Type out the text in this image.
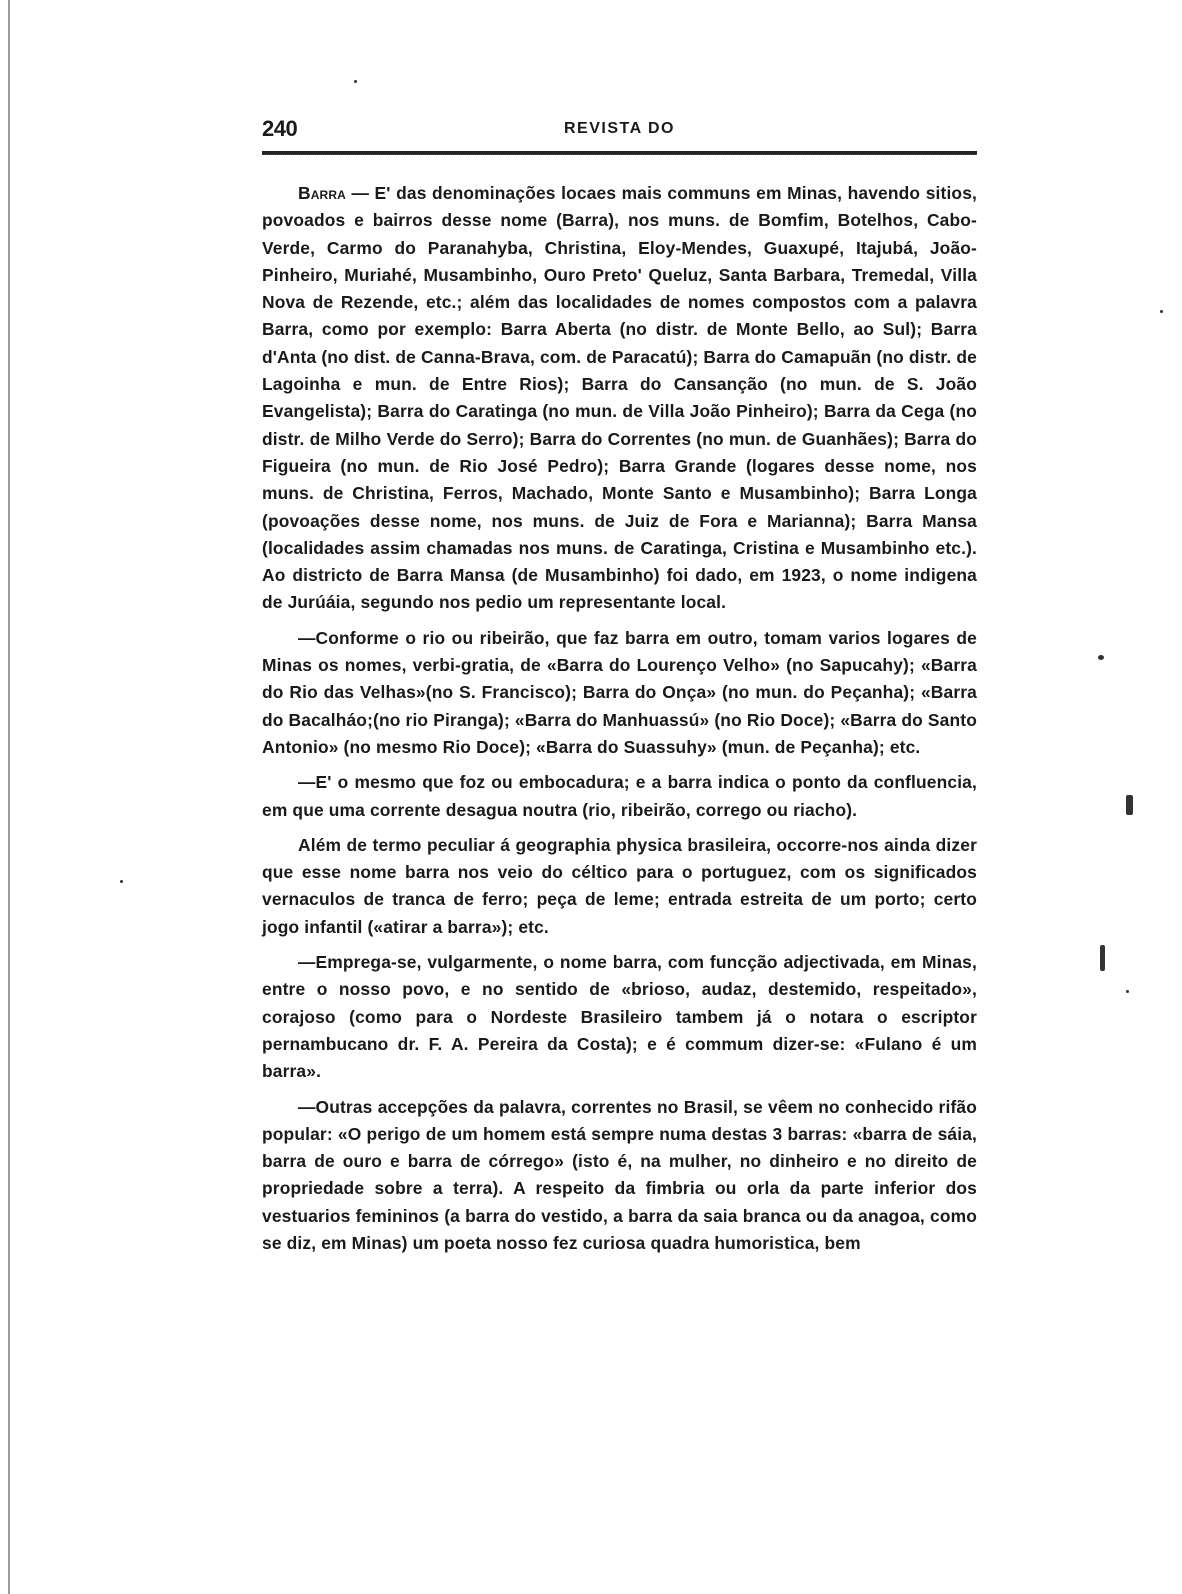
240	REVISTA DO

Barra — E' das denominações locaes mais communs em Minas, havendo sitios, povoados e bairros desse nome (Barra), nos muns. de Bomfim, Botelhos, Cabo-Verde, Carmo do Paranahyba, Christina, Eloy-Mendes, Guaxupé, Itajubá, João-Pinheiro, Muriahé, Musambinho, Ouro Preto' Queluz, Santa Barbara, Tremedal, Villa Nova de Rezende, etc.; além das localidades de nomes compostos com a palavra Barra, como por exemplo: Barra Aberta (no distr. de Monte Bello, ao Sul); Barra d'Anta (no dist. de Canna-Brava, com. de Paracatú); Barra do Camapuãn (no distr. de Lagoinha e mun. de Entre Rios); Barra do Cansanção (no mun. de S. João Evangelista); Barra do Caratinga (no mun. de Villa João Pinheiro); Barra da Cega (no distr. de Milho Verde do Serro); Barra do Correntes (no mun. de Guanhães); Barra do Figueira (no mun. de Rio José Pedro); Barra Grande (logares desse nome, nos muns. de Christina, Ferros, Machado, Monte Santo e Musambinho); Barra Longa (povoações desse nome, nos muns. de Juiz de Fora e Marianna); Barra Mansa (localidades assim chamadas nos muns. de Caratinga, Cristina e Musambinho etc.). Ao districto de Barra Mansa (de Musambinho) foi dado, em 1923, o nome indigena de Jurúáia, segundo nos pedio um representante local.

—Conforme o rio ou ribeirão, que faz barra em outro, tomam varios logares de Minas os nomes, verbi-gratia, de «Barra do Lourenço Velho» (no Sapucahy); «Barra do Rio das Velhas»(no S. Francisco); Barra do Onça» (no mun. do Peçanha); «Barra do Bacalháo;(no rio Piranga); «Barra do Manhuassú» (no Rio Doce); «Barra do Santo Antonio» (no mesmo Rio Doce); «Barra do Suassuhy» (mun. de Peçanha); etc.

—E' o mesmo que foz ou embocadura; e a barra indica o ponto da confluencia, em que uma corrente desagua noutra (rio, ribeirão, corrego ou riacho).

Além de termo peculiar á geographia physica brasileira, occorre-nos ainda dizer que esse nome barra nos veio do céltico para o portuguez, com os significados vernaculos de tranca de ferro; peça de leme; entrada estreita de um porto; certo jogo infantil («atirar a barra»); etc.

—Emprega-se, vulgarmente, o nome barra, com funcção adjectivada, em Minas, entre o nosso povo, e no sentido de «brioso, audaz, destemido, respeitado», corajoso (como para o Nordeste Brasileiro tambem já o notara o escriptor pernambucano dr. F. A. Pereira da Costa); e é commum dizer-se: «Fulano é um barra».

—Outras accepções da palavra, correntes no Brasil, se vêem no conhecido rifão popular: «O perigo de um homem está sempre numa destas 3 barras: «barra de sáia, barra de ouro e barra de córrego» (isto é, na mulher, no dinheiro e no direito de propriedade sobre a terra). A respeito da fimbria ou orla da parte inferior dos vestuarios femininos (a barra do vestido, a barra da saia branca ou da anagoa, como se diz, em Minas) um poeta nosso fez curiosa quadra humoristica, bem
